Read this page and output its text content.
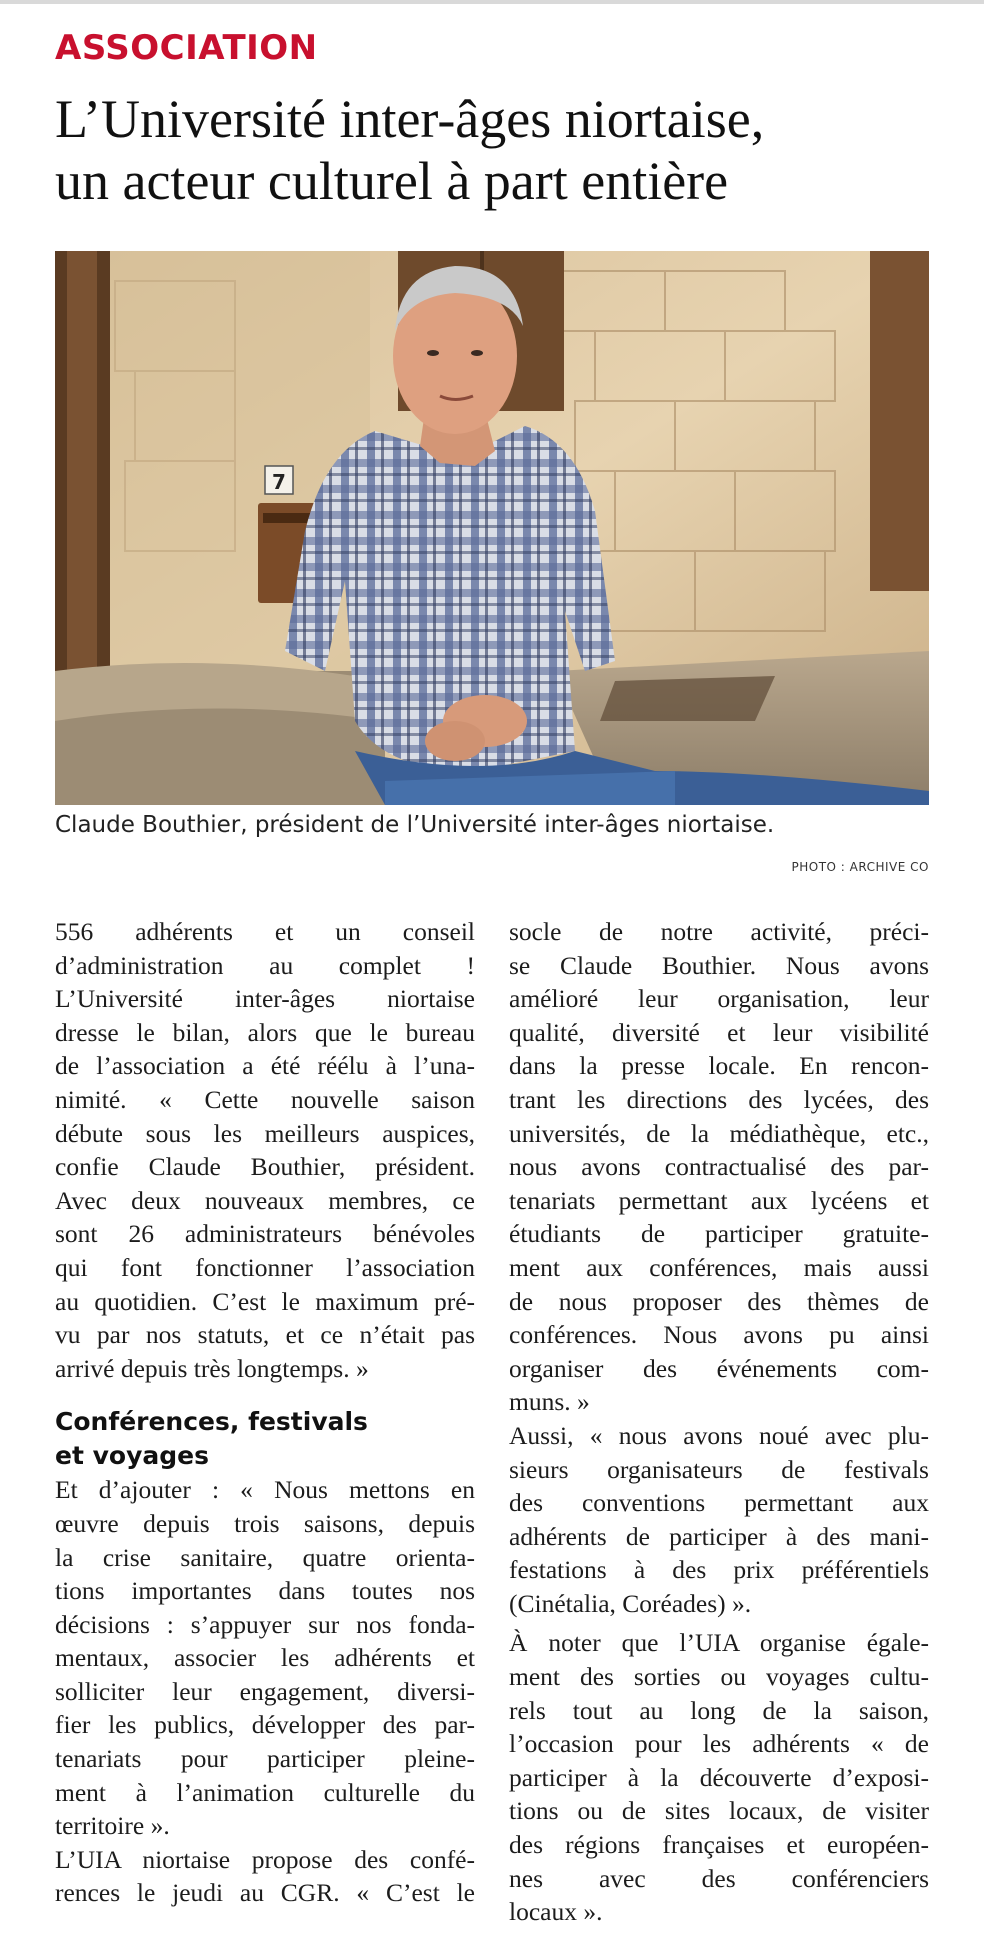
ASSOCIATION
L’Université inter-âges niortaise,
un acteur culturel à part entière
7
Claude Bouthier, président de l’Université inter-âges niortaise.
PHOTO : ARCHIVE CO
556 adhérents et un conseil
d’administration au complet !
L’Université inter-âges niortaise
dresse le bilan, alors que le bureau
de l’association a été réélu à l’una-
nimité. « Cette nouvelle saison
débute sous les meilleurs auspices,
confie Claude Bouthier, président.
Avec deux nouveaux membres, ce
sont 26 administrateurs bénévoles
qui font fonctionner l’association
au quotidien. C’est le maximum pré-
vu par nos statuts, et ce n’était pas
arrivé depuis très longtemps. »
Conférences, festivals
et voyages
Et d’ajouter : « Nous mettons en
œuvre depuis trois saisons, depuis
la crise sanitaire, quatre orienta-
tions importantes dans toutes nos
décisions : s’appuyer sur nos fonda-
mentaux, associer les adhérents et
solliciter leur engagement, diversi-
fier les publics, développer des par-
tenariats pour participer pleine-
ment à l’animation culturelle du
territoire ».
L’UIA niortaise propose des confé-
rences le jeudi au CGR. « C’est le
socle de notre activité, préci-
se Claude Bouthier. Nous avons
amélioré leur organisation, leur
qualité, diversité et leur visibilité
dans la presse locale. En rencon-
trant les directions des lycées, des
universités, de la médiathèque, etc.,
nous avons contractualisé des par-
tenariats permettant aux lycéens et
étudiants de participer gratuite-
ment aux conférences, mais aussi
de nous proposer des thèmes de
conférences. Nous avons pu ainsi
organiser des événements com-
muns. »
Aussi, « nous avons noué avec plu-
sieurs organisateurs de festivals
des conventions permettant aux
adhérents de participer à des mani-
festations à des prix préférentiels
(Cinétalia, Coréades) ».
À noter que l’UIA organise égale-
ment des sorties ou voyages cultu-
rels tout au long de la saison,
l’occasion pour les adhérents « de
participer à la découverte d’exposi-
tions ou de sites locaux, de visiter
des régions françaises et européen-
nes avec des conférenciers
locaux ».
